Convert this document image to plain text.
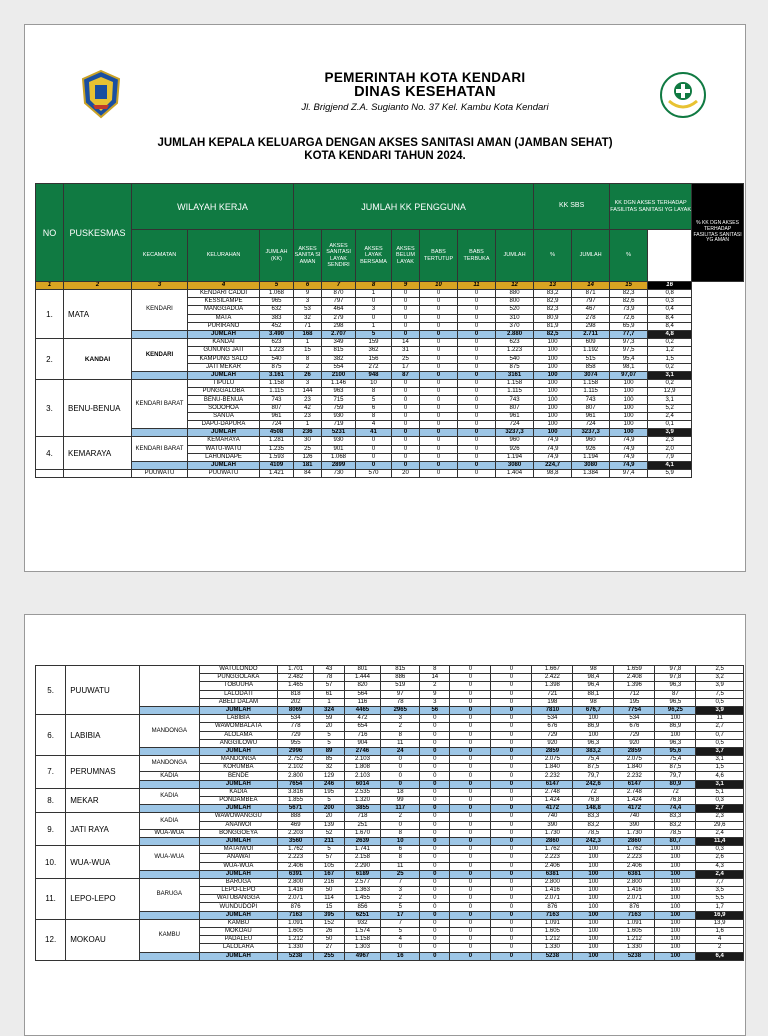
PEMERINTAH KOTA KENDARI
DINAS KESEHATAN
Jl. Brigjend Z.A. Sugianto No. 37 Kel. Kambu Kota Kendari
JUMLAH KEPALA KELUARGA DENGAN AKSES SANITASI AMAN (JAMBAN SEHAT)
KOTA KENDARI TAHUN 2024.
NO	PUSKESMAS	WILAYAH KERJA			JUMLAH KK PENGGUNA							KK SBS		KK DGN AKSES TERHADAP FASILITAS SANITASI YG LAYAK		% KK DGN AKSES TERHADAP FASILITAS SANITASI YG AMAN
		KECAMATAN	KELURAHAN	JUMLAH (KK)	AKSES SANITA SI AMAN	AKSES SANITASI LAYAK SENDIRI	AKSES LAYAK BERSAMA	AKSES BELUM LAYAK	BABS TERTUTUP	BABS TERBUKA	JUMLAH	%	JUMLAH	%		
1	2	3	4	5	6	7	8	9	10	11	12	13	14	15	16	
1.	MATA	KENDARI	KENDARI CADDI	1.068	9	870	1	0	0	0	880	83,2	871	82,3	0,8	
			KESSILAMPE	965	3	797	0	0	0	0	800	82,9	797	82,6	0,3	
			MANGGADUA	632	53	464	3	0	0	0	520	82,3	467	73,9	0,4	
			MATA	383	32	279	0	0	0	0	310	80,9	278	72,6	8,4	
			PURIRANO	452	71	298	1	0	0	0	370	81,9	298	65,9	8,4	
			JUMLAH	3.490	168	2.707	5	0	0	0	2.880	82,5	2.711	77,7	4,8	
2.	KANDAI	KENDARI	KANDAI	623	1	349	159	14	0	0	623	100	609	97,3	0,2	
			GUNUNG JATI	1.223	15	815	362	31	0	0	1.223	100	1.192	97,5	1,2	
			KAMPUNG SALO	540	8	382	156	25	0	0	540	100	515	95,4	1,5	
			JATI MEKAR	875	2	554	272	17	0	0	875	100	858	98,1	0,2	
			JUMLAH	3.161	26	2100	948	87	0	0	3161	100	3074	97,07	3,1	
3.	BENU-BENUA	KENDARI BARAT	TIPULU	1.158	3	1.146	10	0	0	0	1.158	100	1.158	100	0,2	
			PUNGGALOBA	1.115	144	963	8	0	0	0	1.115	100	1.115	100	12,9	
			BENU-BENUA	743	23	715	5	0	0	0	743	100	743	100	3,1	
			SODOHOA	807	42	759	6	0	0	0	807	100	807	100	5,2	
			SANUA	961	23	930	8	0	0	0	961	100	961	100	2,4	
			DAPU-DAPURA	724	1	719	4	0	0	0	724	100	724	100	0,1	
			JUMLAH	4508	236	5231	41	0	0	0	3237,3	100	3237,3	100	3,9	
4.	KEMARAYA	KENDARI BARAT	KEMARAYA	1.281	30	930	0	0	0	0	960	74,9	960	74,9	2,3	
			WATU-WATU	1.235	25	901	0	0	0	0	926	74,9	926	74,9	2,0	
			LAHUNDAPE	1.593	126	1.068	0	0	0	0	1.194	74,9	1.194	74,9	7,9	
			JUMLAH	4109	181	2899	0	0	0	0	3080	224,7	3080	74,9	4,1	
		PUUWATU	PUUWATU	1.421	84	730	570	20	0	0	1.404	98,8	1.384	97,4	5,9	
5.	PUUWATU		WATULONDO	1.701	43	801	815	8	0	0	1.667	98	1.659	97,8	2,5
			PUNGGOLAKA	2.482	78	1.444	886	14	0	0	2.422	98,4	2.408	97,8	3,2
			TOBUUHA	1.465	57	820	519	2	0	0	1.398	96,4	1.396	96,3	3,9
			LALODATI	818	61	564	97	9	0	0	721	88,1	712	87	7,5
			ABELI DALAM	202	1	116	78	3	0	0	198	98	195	96,5	0,5
			JUMLAH	8069	324	4465	2965	56	0	0	7810	676,7	7754	96,25	3,9
6.	LABIBIA	MANDONGA	LABIBIA	534	59	472	3	0	0	0	534	100	534	100	11
			WAWOMBALATA	778	20	654	2	0	0	0	676	86,9	676	86,9	2,7
			ALOLAMA	729	5	716	8	0	0	0	729	100	729	100	0,7
			ANGGILOWU	955	5	904	11	0	0	0	920	96,3	920	96,3	0,5
			JUMLAH	2996	89	2746	24	0	0	0	2859	383,2	2859	95,6	3,7
7.	PERUMNAS	MANDONGA	MANDONGA	2.752	85	2.103	0	0	0	0	2.075	75,4	2.075	75,4	3,1
			KORUMBA	2.102	32	1.808	0	0	0	0	1.840	87,5	1.840	87,5	1,5
		KADIA	BENDE	2.800	129	2.103	0	0	0	0	2.232	79,7	2.232	79,7	4,6
			JUMLAH	7654	246	6014	0	0	0	0	6147	242,6	6147	80,9	3,1
8.	MEKAR	KADIA	KADIA	3.816	195	2.535	18	0	0	0	2.748	72	2.748	72	5,1
			PONDAMBEA	1.855	5	1.320	99	0	0	0	1.424	76,8	1.424	76,8	0,3
			JUMLAH	5671	200	3855	117	0	0	0	4172	148,8	4172	74,4	2,7
9.	JATI RAYA	KADIA	WAWOWANGGU	888	20	718	2	0	0	0	740	83,3	740	83,3	2,3
			ANAIWOI	469	139	251	0	0	0	0	390	83,2	390	83,2	29,6
		WUA-WUA	BONGGOEYA	2.203	52	1.670	8	0	0	0	1.730	78,5	1.730	78,5	2,4
			JUMLAH	3560	211	2639	10	0	0	0	2860	242,3	2860	80,7	11,4
10.	WUA-WUA	WUA-WUA	MATAIWOI	1.762	5	1.741	6	0	0	0	1.762	100	1.762	100	0,3
			ANAWAI	2.223	57	2.158	8	0	0	0	2.223	100	2.223	100	2,6
			WUA-WUA	2.406	105	2.290	11	0	0	0	2.406	100	2.406	100	4,3
			JUMLAH	6391	167	6189	25	0	0	0	6381	100	6381	100	2,4
11.	LEPO-LEPO	BARUGA	BARUGA	2.800	216	2.577	7	0	0	0	2.800	100	2.800	100	7,7
			LEPO-LEPO	1.416	50	1.363	3	0	0	0	1.416	100	1.416	100	3,5
			WATUBANGGA	2.071	114	1.455	2	0	0	0	2.071	100	2.071	100	5,5
			WUNDUDOPI	876	15	856	5	0	0	0	876	100	876	100	1,7
			JUMLAH	7163	395	6251	17	0	0	0	7163	100	7163	100	16,9
12.	MOKOAU	KAMBU	KAMBU	1.091	152	932	7	0	0	0	1.091	100	1.091	100	13,9
			MOKOAU	1.605	26	1.574	5	0	0	0	1.605	100	1.605	100	1,6
			PADALEU	1.212	50	1.158	4	0	0	0	1.212	100	1.212	100	4
			LALOLARA	1.330	27	1.303	0	0	0	0	1.330	100	1.330	100	2
			JUMLAH	5238	255	4967	16	0	0	0	5238	100	5238	100	6,4
